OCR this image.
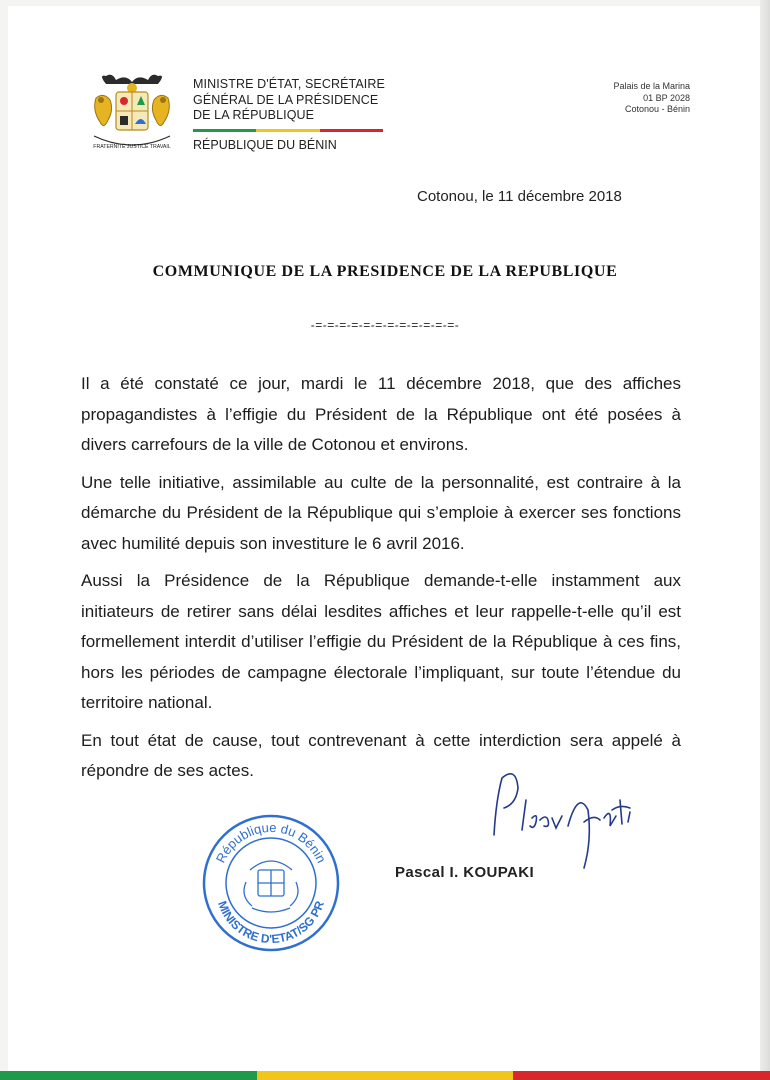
FRATERNITÉ JUSTICE TRAVAIL
MINISTRE D'ÉTAT, SECRÉTAIRE
GÉNÉRAL DE LA PRÉSIDENCE
DE LA RÉPUBLIQUE
RÉPUBLIQUE DU BÉNIN
Palais de la Marina
01 BP 2028
Cotonou - Bénin
Cotonou, le 11 décembre 2018
COMMUNIQUE DE LA PRESIDENCE DE LA REPUBLIQUE
-=-=-=-=-=-=-=-=-=-=-=-=-

Il a été constaté ce jour, mardi le 11 décembre 2018, que des affiches propagandistes à l’effigie du Président de la République ont été posées à divers carrefours de la ville de Cotonou et environs.

Une telle initiative, assimilable au culte de la personnalité, est contraire à la démarche du Président de la République qui s’emploie à exercer ses fonctions avec humilité depuis son investiture le 6 avril 2016.

Aussi la Présidence de la République demande-t-elle instamment aux initiateurs de retirer sans délai lesdites affiches et leur rappelle-t-elle qu’il est formellement interdit d’utiliser l’effigie du Président de la République à ces fins, hors les périodes de campagne électorale l’impliquant, sur toute l’étendue du territoire national.

En tout état de cause, tout contrevenant à cette interdiction sera appelé à répondre de ses actes.

République du Bénin
MINISTRE D'ETAT/SG PR
Pascal I. KOUPAKI
